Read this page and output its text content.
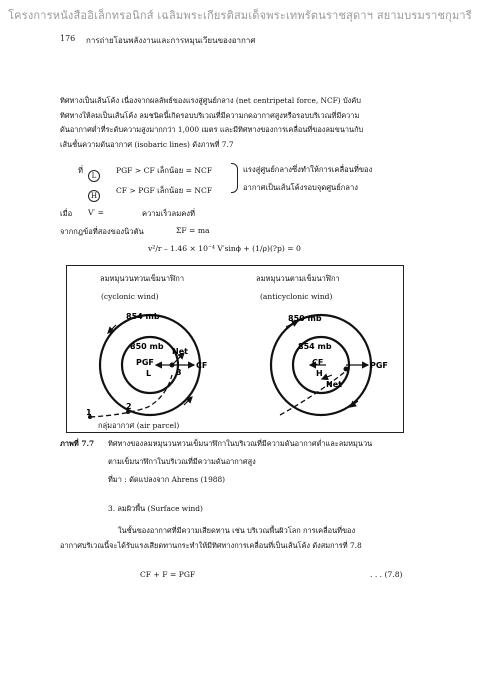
โครงการหนังสืออิเล็กทรอนิกส์ เฉลิมพระเกียรติสมเด็จพระเทพรัตนราชสุดาฯ สยามบรมราชกุมารี
176 การถ่ายโอนพลังงานและการหมุนเวียนของอากาศ
ทิศทางเป็นเส้นโค้ง เนื่องจากผลลัพธ์ของแรงสู่ศูนย์กลาง (net centripetal force, NCF) บังคับ
ทิศทางให้ลมเป็นเส้นโค้ง ลมชนิดนี้เกิดรอบบริเวณที่มีความกดอากาศสูงหรือรอบบริเวณที่มีความ
ดันอากาศต่ำที่ระดับความสูงมากกว่า 1,000 เมตร และมีทิศทางของการเคลื่อนที่ของลมขนานกับ
เส้นชั้นความดันอากาศ (isobaric lines) ดังภาพที่ 7.7
ที่
L
PGF > CF เล็กน้อย = NCF
H
CF > PGF เล็กน้อย = NCF
แรงสู่ศูนย์กลางซึ่งทำให้การเคลื่อนที่ของ
อากาศเป็นเส้นโค้งรอบจุดศูนย์กลาง
เมื่อ V′ =	ความเร็วลมคงที่
จากกฎข้อที่สองของนิวตัน	ΣF = ma
v²/r – 1.46 × 10⁻⁴ V′sinϕ + (1/ρ)(?p) = 0
ลมหมุนวนทวนเข็มนาฬิกา
(cyclonic wind)
ลมหมุนวนตามเข็มนาฬิกา
(anticyclonic wind)
854 mb
850 mb
PGF
L
Net
CF
3
2
1
850 mb
854 mb
CF
H
Net
PGF
กลุ่มอากาศ (air parcel)
ภาพที่ 7.7 ทิศทางของลมหมุนวนทวนเข็มนาฬิกาในบริเวณที่มีความดันอากาศต่ำและลมหมุนวน
ตามเข็มนาฬิกาในบริเวณที่มีความดันอากาศสูง
ที่มา : ดัดแปลงจาก Ahrens (1988)
3. ลมผิวพื้น (Surface wind)
ในชั้นของอากาศที่มีความเสียดทาน เช่น บริเวณพื้นผิวโลก การเคลื่อนที่ของ
อากาศบริเวณนี้จะได้รับแรงเสียดทานกระทำให้มีทิศทางการเคลื่อนที่เป็นเส้นโค้ง ดังสมการที่ 7.8
CF + F = PGF	. . . (7.8)
